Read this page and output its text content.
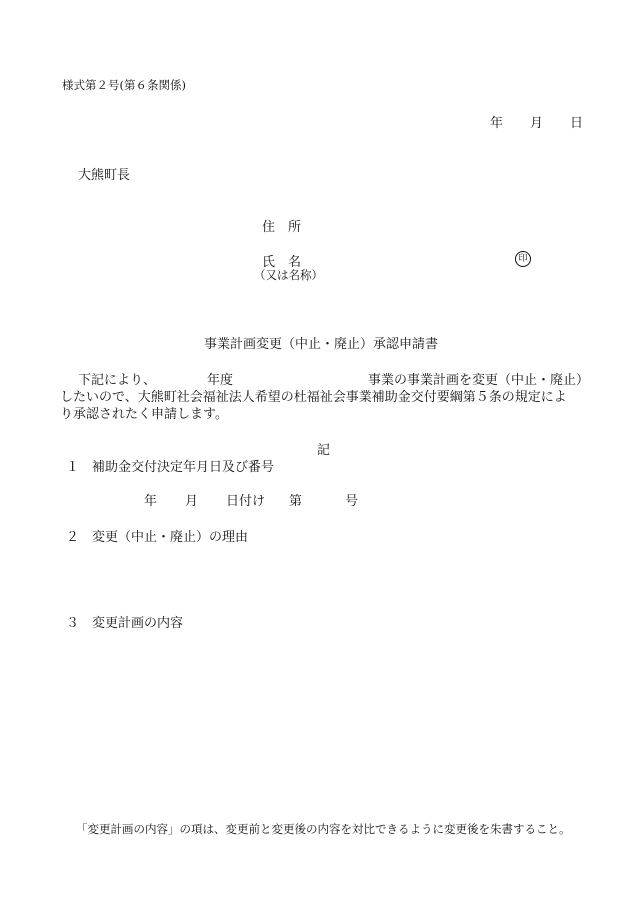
様式第２号(第６条関係)
年 月 日
大熊町長
住　所
氏　名
（又は名称）
印
事業計画変更（中止・廃止）承認申請書
下記により、	年度	事業の事業計画を変更（中止・廃止）
したいので、大熊町社会福祉法人希望の杜福祉会事業補助金交付要綱第５条の規定によ
り承認されたく申請します。
記
１ 補助金交付決定年月日及び番号
年 月 日付け 第	号
２ 変更（中止・廃止）の理由
３ 変更計画の内容
「変更計画の内容」の項は、変更前と変更後の内容を対比できるように変更後を朱書すること。
